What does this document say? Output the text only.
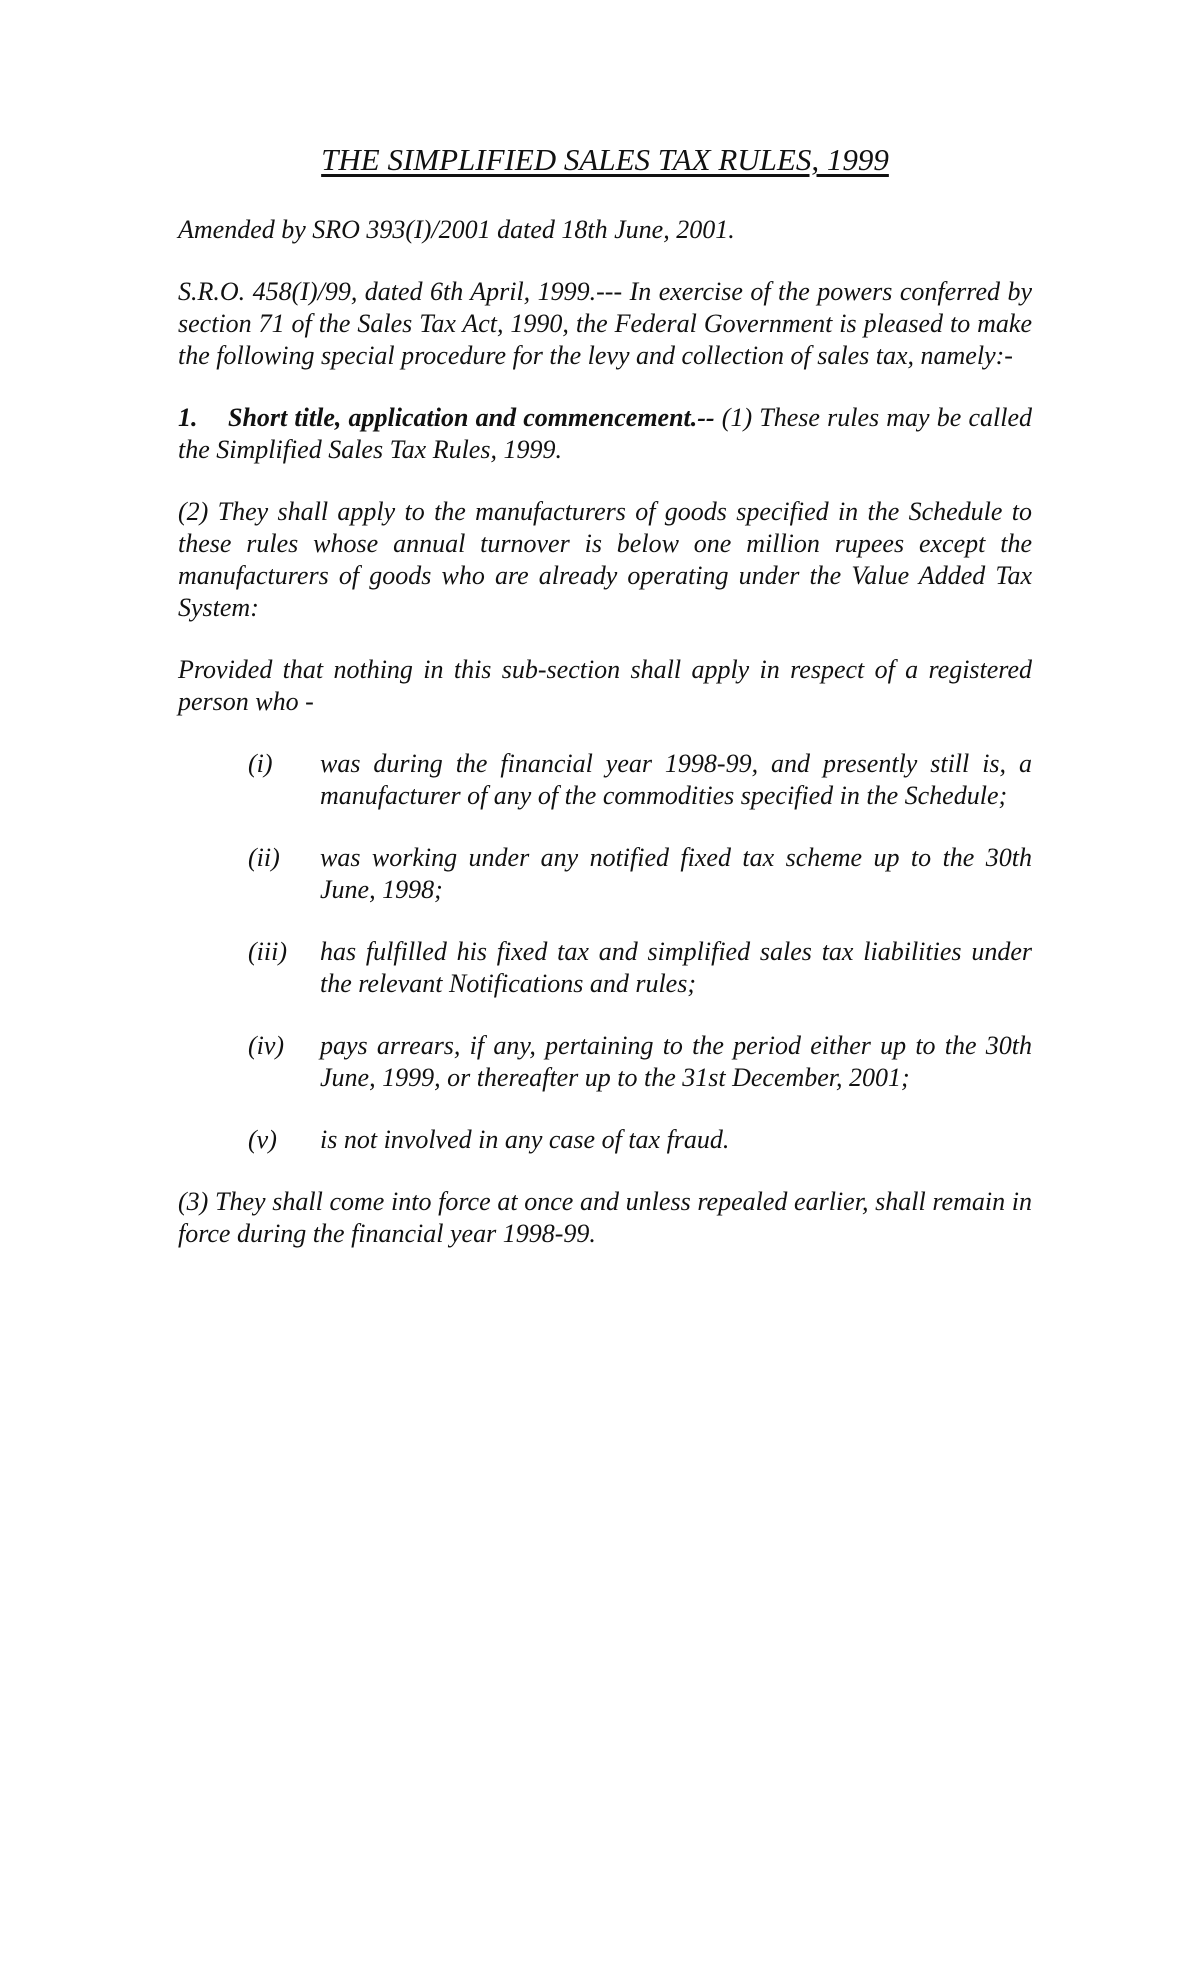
THE SIMPLIFIED SALES TAX RULES, 1999

Amended by SRO 393(I)/2001 dated 18th June, 2001.

S.R.O. 458(I)/99, dated 6th April, 1999.--- In exercise of the powers conferred by section 71 of the Sales Tax Act, 1990, the Federal Government is pleased to make the following special procedure for the levy and collection of sales tax, namely:-

1. Short title, application and commencement.-- (1) These rules may be called the Simplified Sales Tax Rules, 1999.

(2) They shall apply to the manufacturers of goods specified in the Schedule to these rules whose annual turnover is below one million rupees except the manufacturers of goods who are already operating under the Value Added Tax System:

Provided that nothing in this sub-section shall apply in respect of a registered person who -

(i)	was during the financial year 1998-99, and presently still is, a manufacturer of any of the commodities specified in the Schedule;
(ii)	was working under any notified fixed tax scheme up to the 30th June, 1998;
(iii)	has fulfilled his fixed tax and simplified sales tax liabilities under the relevant Notifications and rules;
(iv)	pays arrears, if any, pertaining to the period either up to the 30th June, 1999, or thereafter up to the 31st December, 2001;
(v)	is not involved in any case of tax fraud.

(3) They shall come into force at once and unless repealed earlier, shall remain in force during the financial year 1998-99.
